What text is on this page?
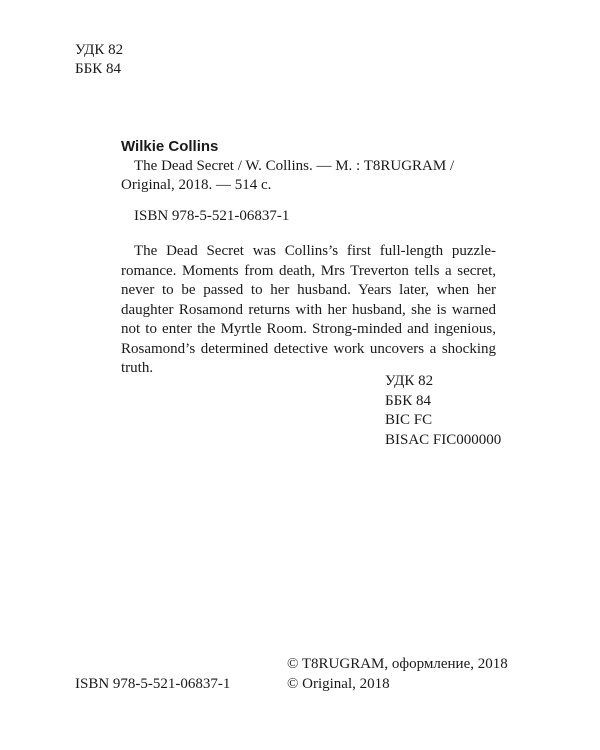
УДК 82
ББК 84
Wilkie Collins
The Dead Secret / W. Collins. — M. : T8RUGRAM / Original, 2018. — 514 с.
ISBN 978-5-521-06837-1
The Dead Secret was Collins’s first full-length puzzle-romance. Moments from death, Mrs Treverton tells a secret, never to be passed to her husband. Years later, when her daughter Rosamond returns with her husband, she is warned not to enter the Myrtle Room. Strong-minded and ingenious, Rosamond’s determined detective work uncovers a shocking truth.
УДК 82
ББК 84
BIC FC
BISAC FIC000000
© T8RUGRAM, оформление, 2018
© Original, 2018
ISBN 978-5-521-06837-1
